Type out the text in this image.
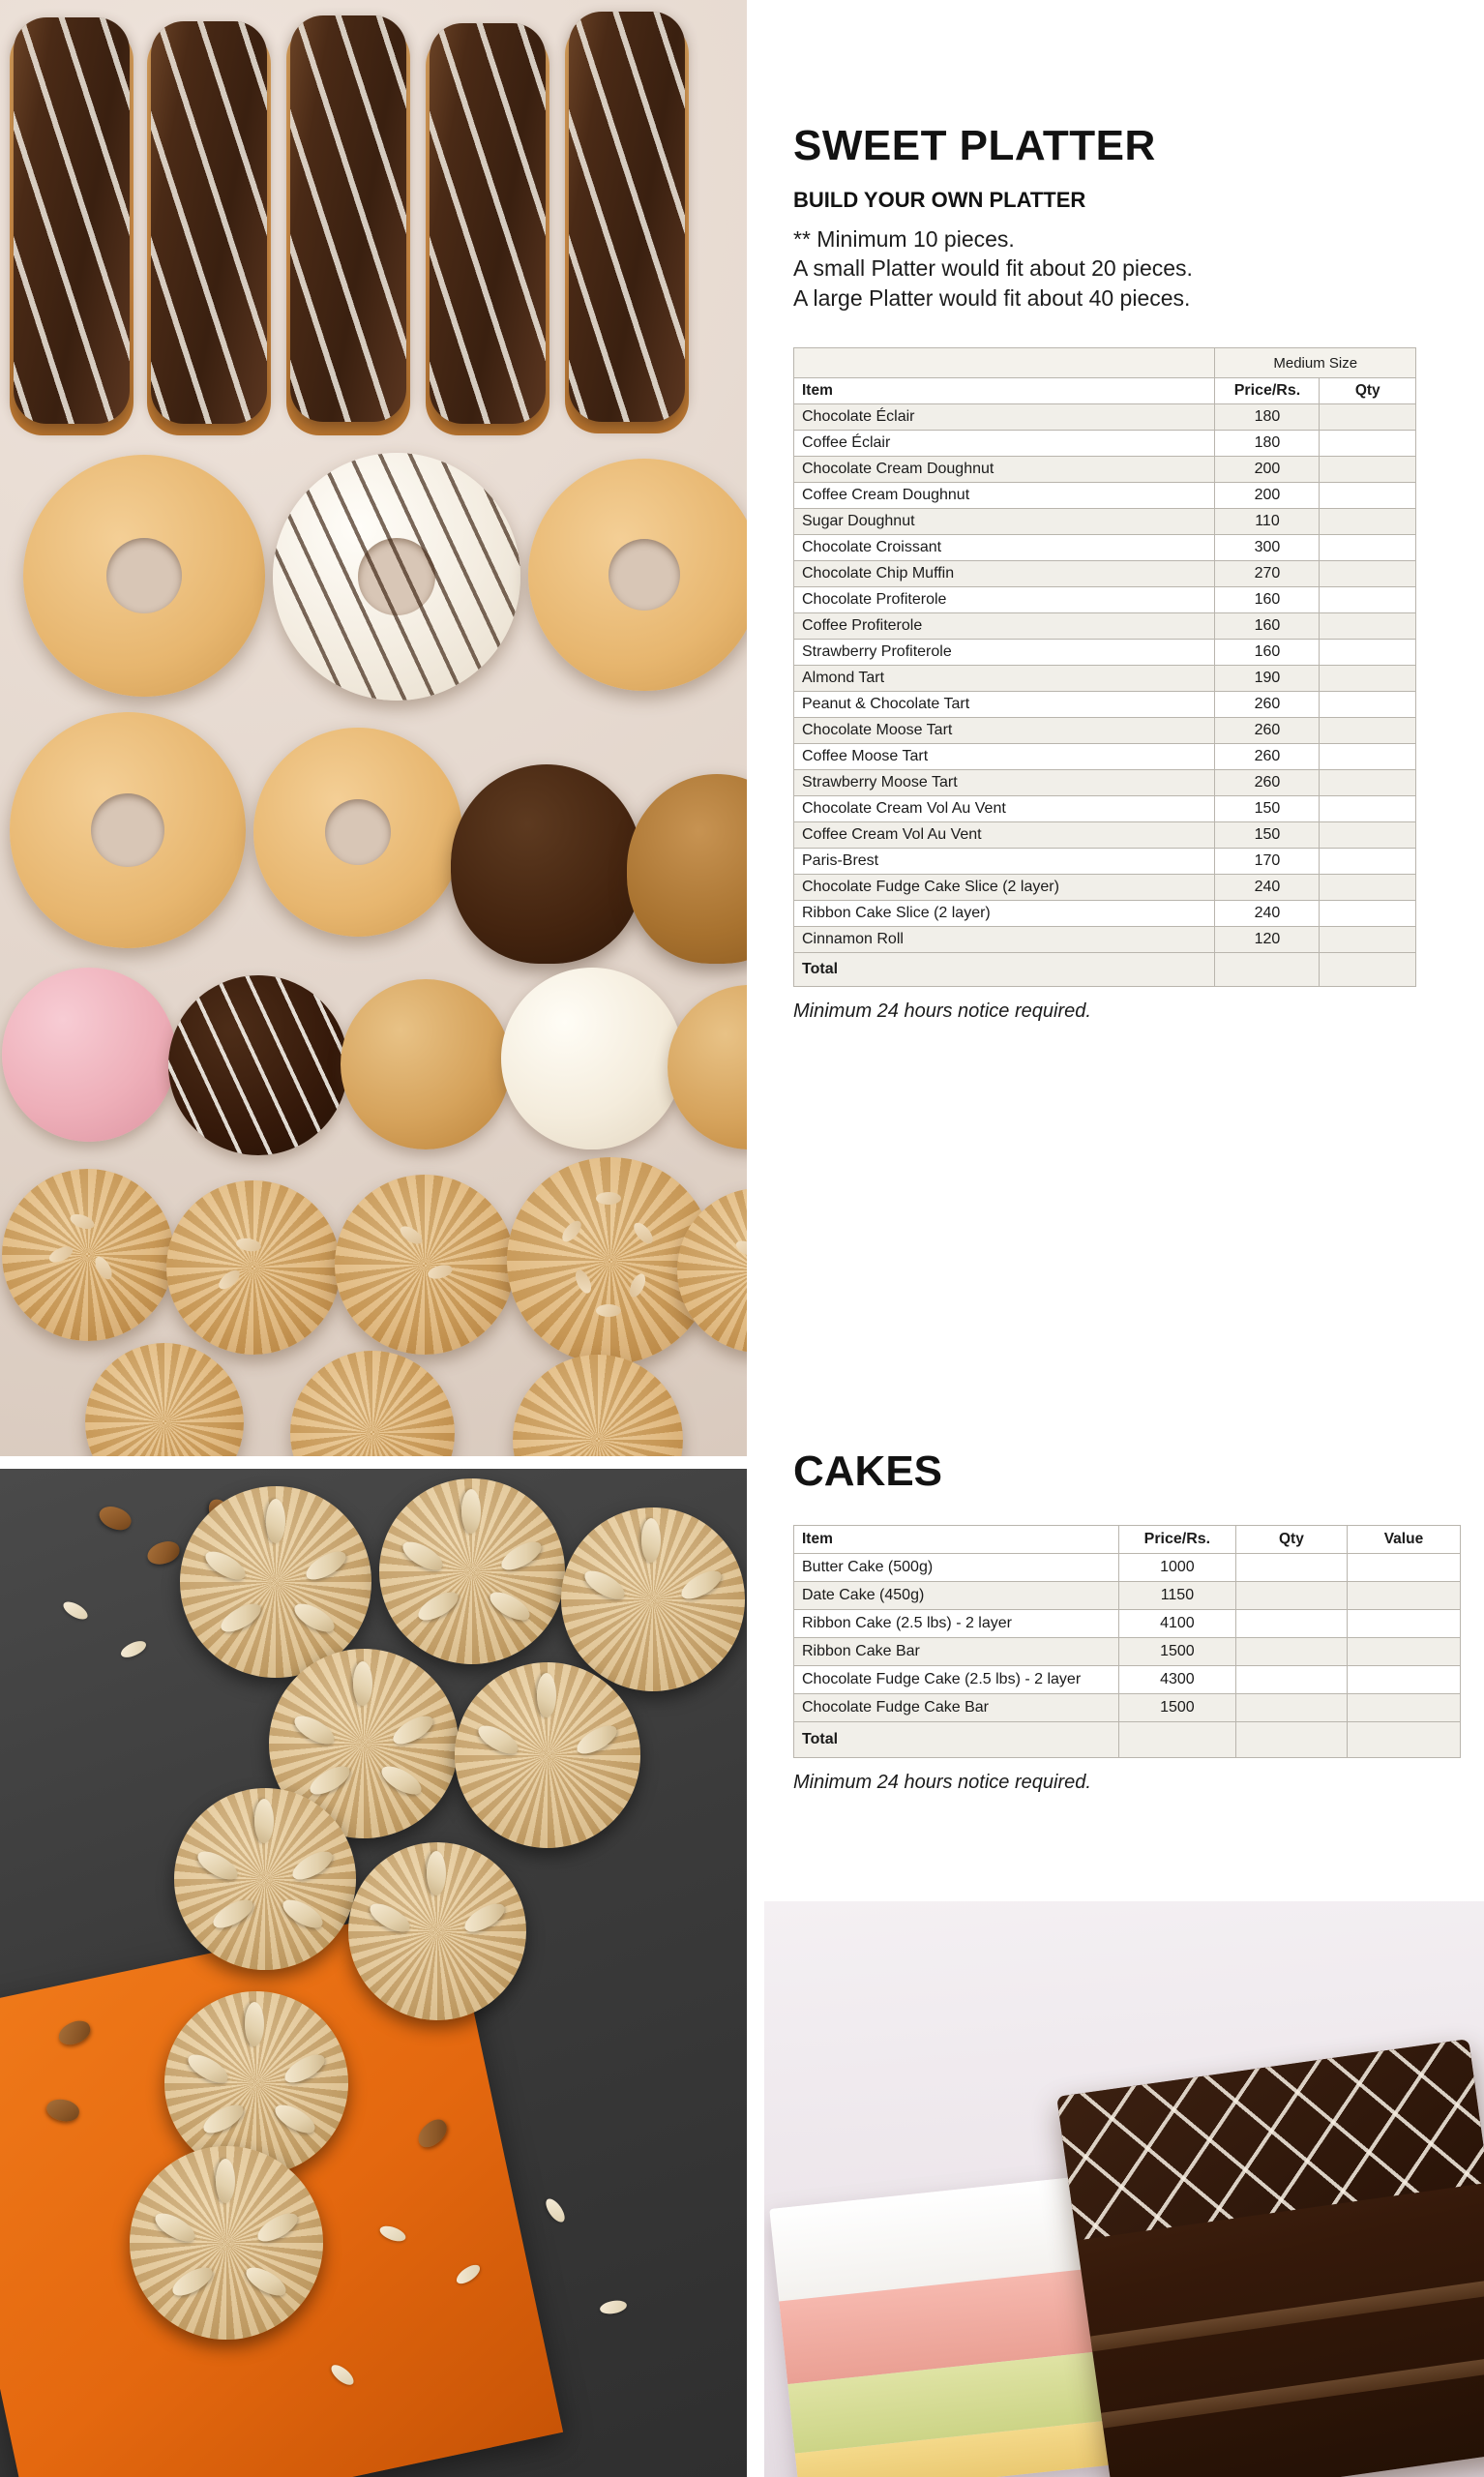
SWEET PLATTER
BUILD YOUR OWN PLATTER
** Minimum 10 pieces.
A small Platter would fit about 20 pieces.
A large Platter would fit about 40 pieces.
	Medium Size	
Item	Price/Rs.	Qty
Chocolate Éclair	180	
Coffee Éclair	180	
Chocolate Cream Doughnut	200	
Coffee Cream Doughnut	200	
Sugar Doughnut	110	
Chocolate Croissant	300	
Chocolate Chip Muffin	270	
Chocolate Profiterole	160	
Coffee Profiterole	160	
Strawberry Profiterole	160	
Almond Tart	190	
Peanut & Chocolate Tart	260	
Chocolate Moose Tart	260	
Coffee Moose Tart	260	
Strawberry Moose Tart	260	
Chocolate Cream Vol Au Vent	150	
Coffee Cream Vol Au Vent	150	
Paris-Brest	170	
Chocolate Fudge Cake Slice (2 layer)	240	
Ribbon Cake Slice (2 layer)	240	
Cinnamon Roll	120	
Total		
Minimum 24 hours notice required.
CAKES
Item	Price/Rs.	Qty	Value
Butter Cake (500g)	1000		
Date Cake (450g)	1150		
Ribbon Cake (2.5 lbs) - 2 layer	4100		
Ribbon Cake Bar	1500		
Chocolate Fudge Cake (2.5 lbs) - 2 layer	4300		
Chocolate Fudge Cake Bar	1500		
Total			
Minimum 24 hours notice required.
